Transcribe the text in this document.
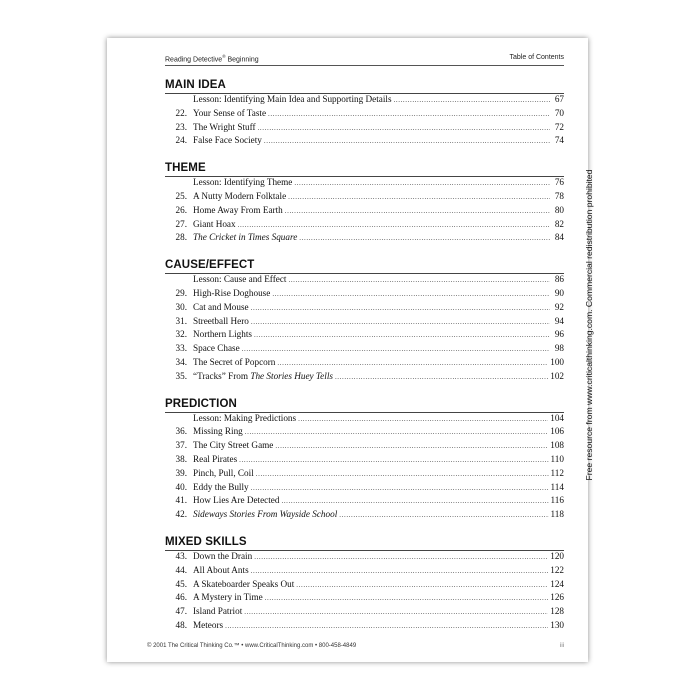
Reading Detective® Beginning	Table of Contents
MAIN IDEA
Lesson: Identifying Main Idea and Supporting Details .....	67
22. Your Sense of Taste .....	70
23. The Wright Stuff .....	72
24. False Face Society .....	74
THEME
Lesson: Identifying Theme .....	76
25. A Nutty Modern Folktale .....	78
26. Home Away From Earth .....	80
27. Giant Hoax .....	82
28. The Cricket in Times Square .....	84
CAUSE/EFFECT
Lesson: Cause and Effect .....	86
29. High-Rise Doghouse .....	90
30. Cat and Mouse .....	92
31. Streetball Hero .....	94
32. Northern Lights .....	96
33. Space Chase .....	98
34. The Secret of Popcorn .....	100
35. “Tracks” From The Stories Huey Tells .....	102
PREDICTION
Lesson: Making Predictions .....	104
36. Missing Ring .....	106
37. The City Street Game .....	108
38. Real Pirates .....	110
39. Pinch, Pull, Coil .....	112
40. Eddy the Bully .....	114
41. How Lies Are Detected .....	116
42. Sideways Stories From Wayside School .....	118
MIXED SKILLS
43. Down the Drain .....	120
44. All About Ants .....	122
45. A Skateboarder Speaks Out .....	124
46. A Mystery in Time .....	126
47. Island Patriot .....	128
48. Meteors .....	130
© 2001 The Critical Thinking Co.™ • www.CriticalThinking.com • 800-458-4849	iii
Free resource from www.criticalthinking.com. Commercial redistribution prohibited
